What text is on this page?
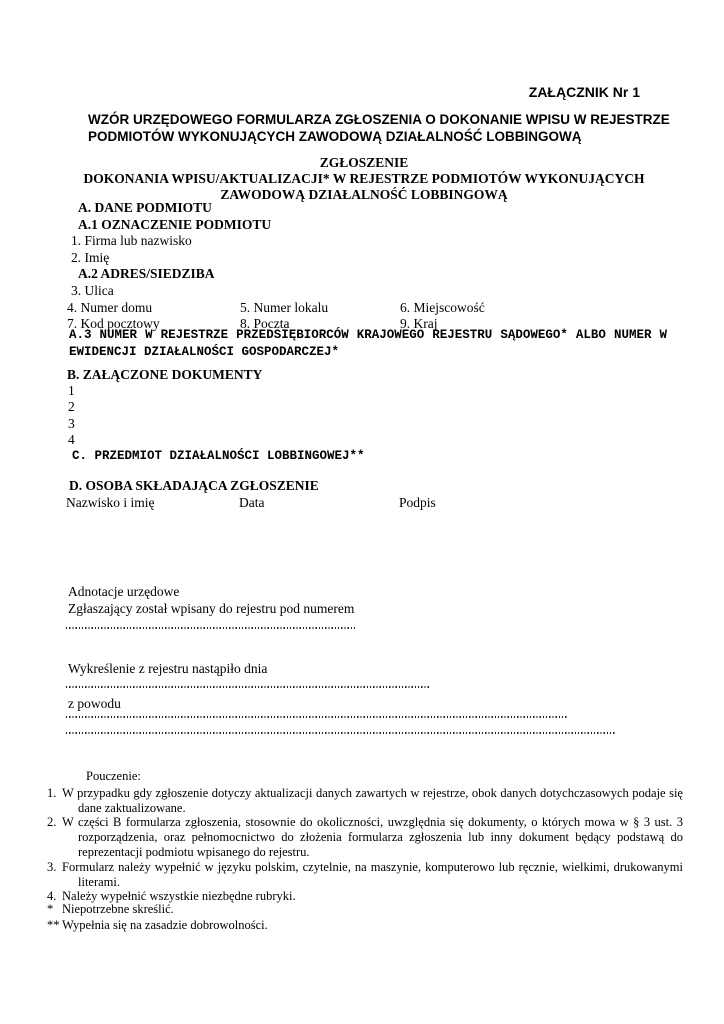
ZAŁĄCZNIK Nr 1
WZÓR URZĘDOWEGO FORMULARZA ZGŁOSZENIA O DOKONANIE WPISU W REJESTRZE
PODMIOTÓW WYKONUJĄCYCH ZAWODOWĄ DZIAŁALNOŚĆ LOBBINGOWĄ
ZGŁOSZENIE
DOKONANIA WPISU/AKTUALIZACJI* W REJESTRZE PODMIOTÓW WYKONUJĄCYCH
ZAWODOWĄ DZIAŁALNOŚĆ LOBBINGOWĄ
A. DANE PODMIOTU
A.1 OZNACZENIE PODMIOTU
1. Firma lub nazwisko
2. Imię
A.2 ADRES/SIEDZIBA
3. Ulica
4. Numer domu	5. Numer lokalu	6. Miejscowość
7. Kod pocztowy	8. Poczta	9. Kraj
A.3 NUMER W REJESTRZE PRZEDSIĘBIORCÓW KRAJOWEGO REJESTRU SĄDOWEGO* ALBO NUMER W
EWIDENCJI DZIAŁALNOŚCI GOSPODARCZEJ*
B. ZAŁĄCZONE DOKUMENTY
1
2
3
4
C. PRZEDMIOT DZIAŁALNOŚCI LOBBINGOWEJ**
D. OSOBA SKŁADAJĄCA ZGŁOSZENIE
Nazwisko i imię	Data	Podpis
Adnotacje urzędowe
Zgłaszający został wpisany do rejestru pod numerem
Wykreślenie z rejestru nastąpiło dnia
z powodu
Pouczenie:
1. W przypadku gdy zgłoszenie dotyczy aktualizacji danych zawartych w rejestrze, obok danych dotychczasowych podaje się
dane zaktualizowane.
2. W części B formularza zgłoszenia, stosownie do okoliczności, uwzględnia się dokumenty, o których mowa w § 3 ust. 3
rozporządzenia, oraz pełnomocnictwo do złożenia formularza zgłoszenia lub inny dokument będący podstawą do
reprezentacji podmiotu wpisanego do rejestru.
3. Formularz należy wypełnić w języku polskim, czytelnie, na maszynie, komputerowo lub ręcznie, wielkimi, drukowanymi
literami.
4. Należy wypełnić wszystkie niezbędne rubryki.
* Niepotrzebne skreślić.
** Wypełnia się na zasadzie dobrowolności.
